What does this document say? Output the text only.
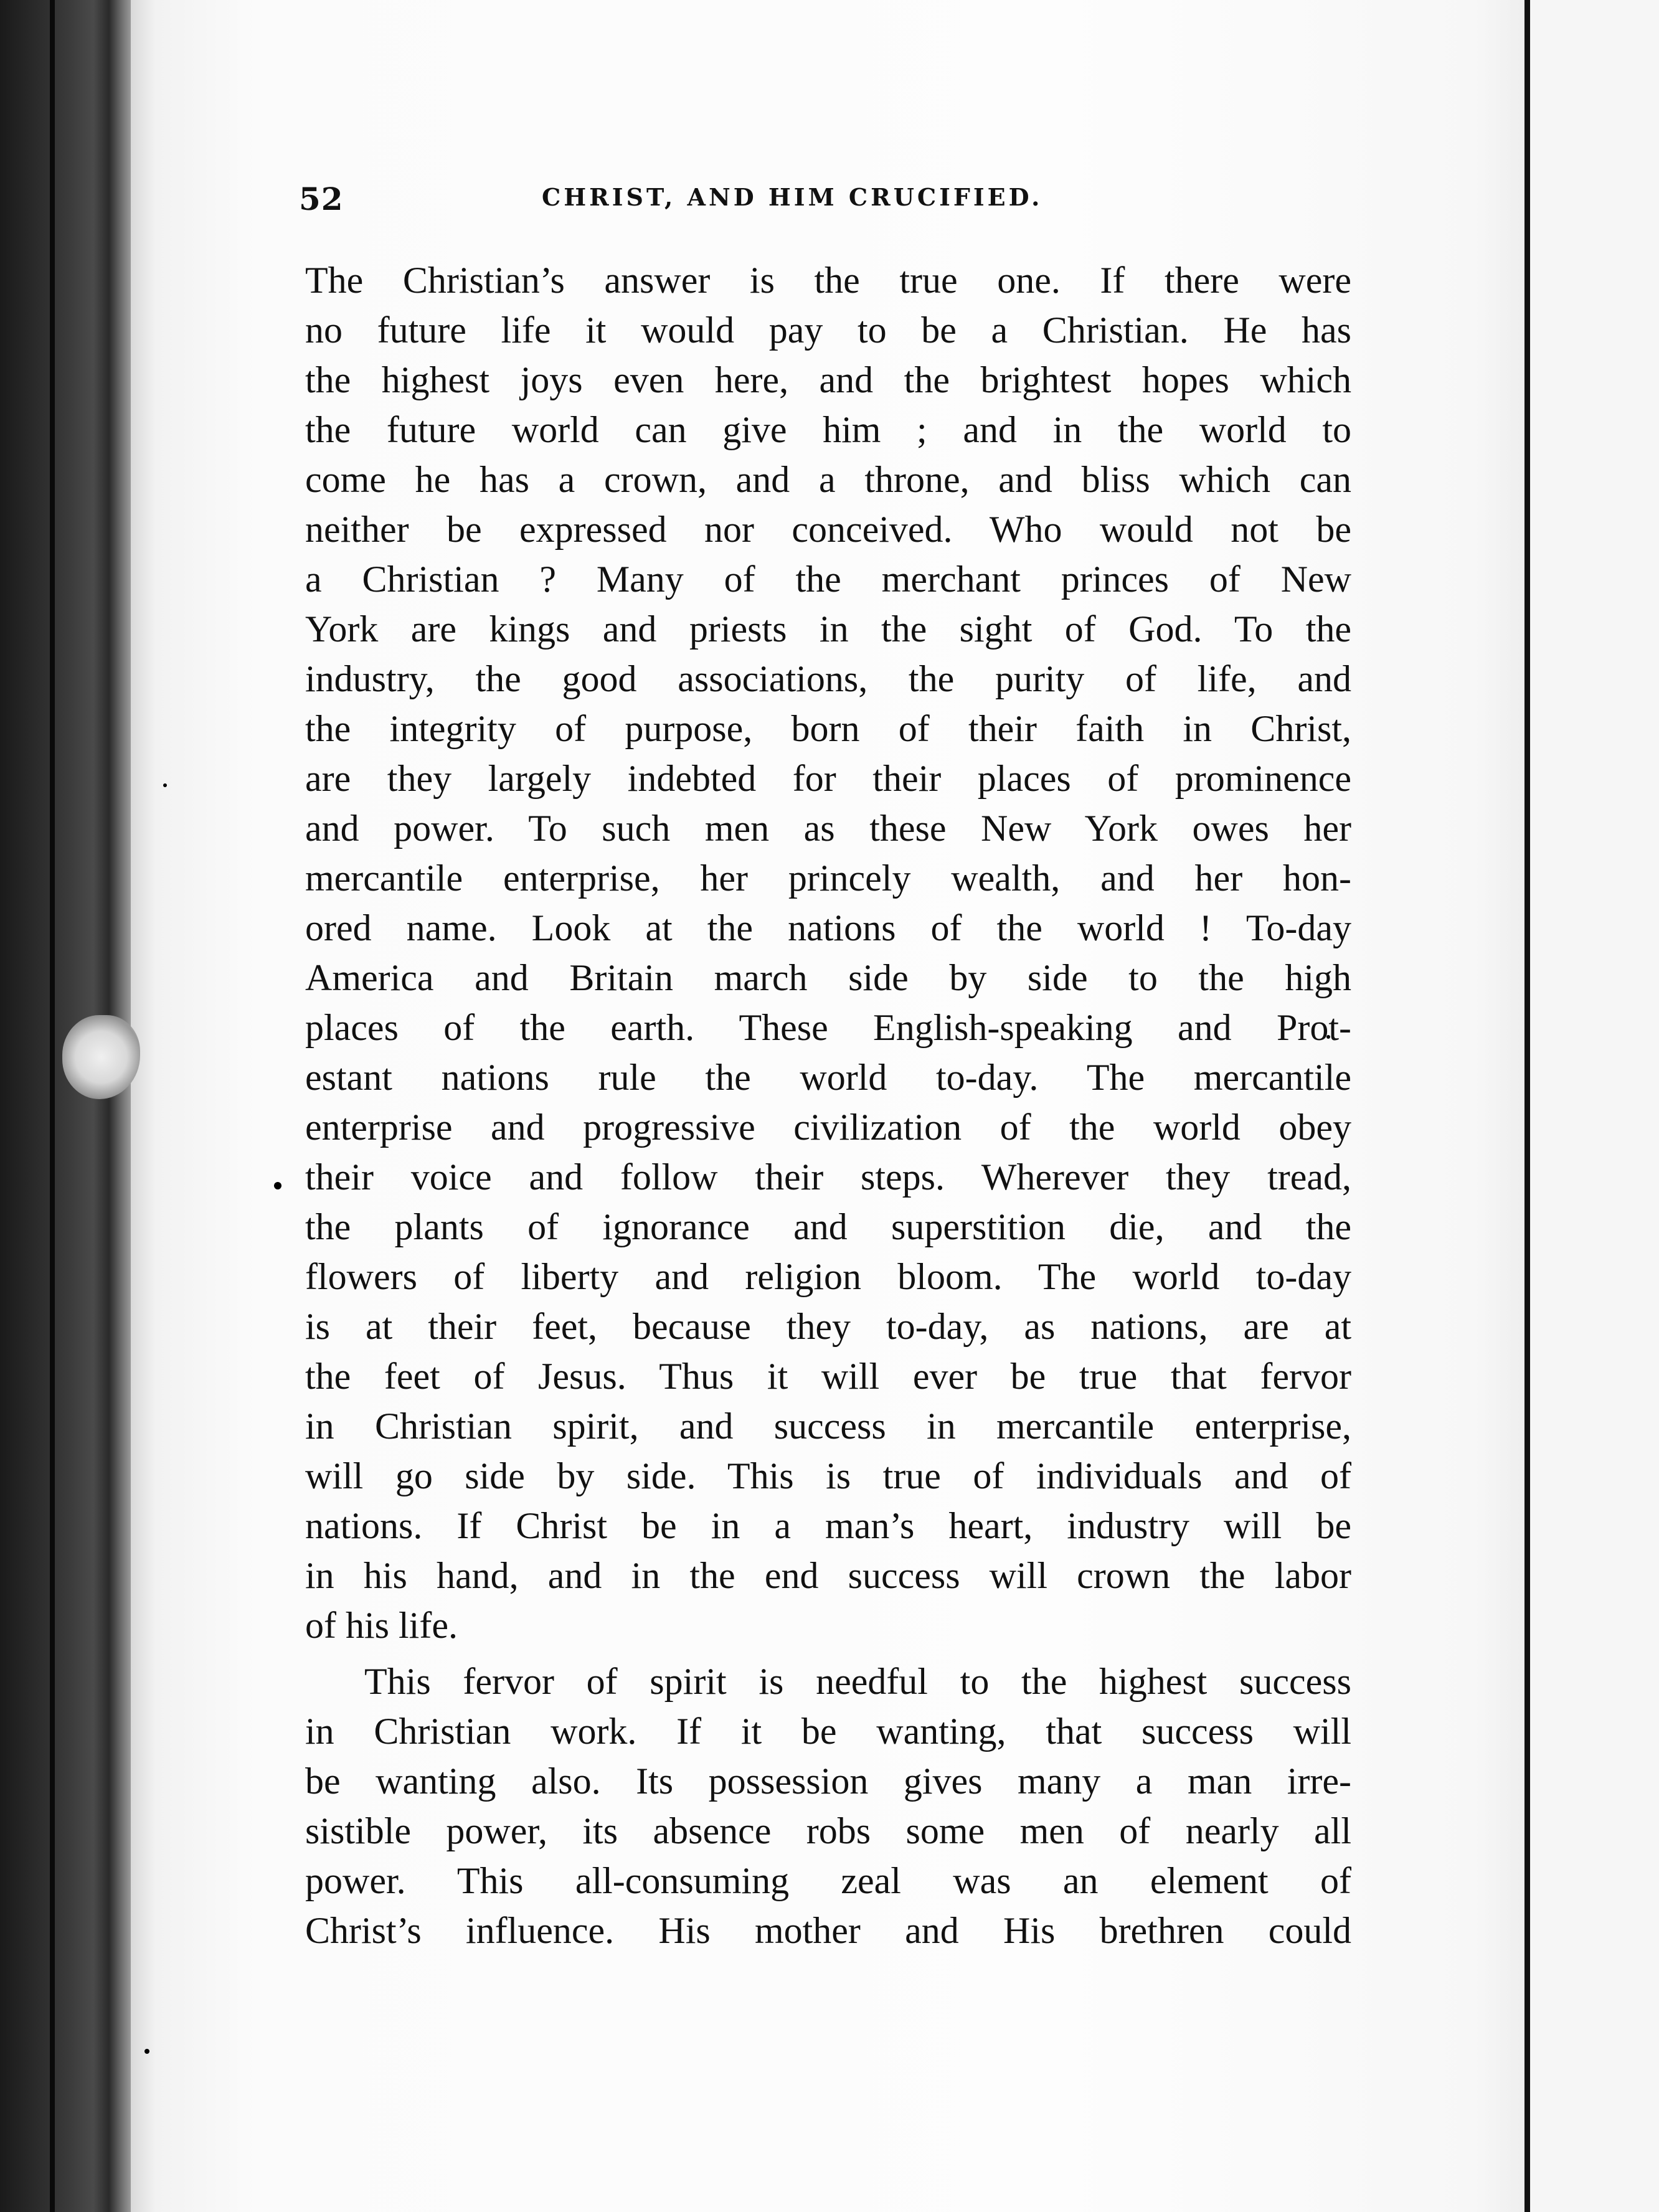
52	CHRIST, AND HIM CRUCIFIED.
The Christian’s answer is the true one. If there were
no future life it would pay to be a Christian. He has
the highest joys even here, and the brightest hopes which
the future world can give him ; and in the world to
come he has a crown, and a throne, and bliss which can
neither be expressed nor conceived. Who would not be
a Christian ? Many of the merchant princes of New
York are kings and priests in the sight of God. To the
industry, the good associations, the purity of life, and
the integrity of purpose, born of their faith in Christ,
are they largely indebted for their places of prominence
and power. To such men as these New York owes her
mercantile enterprise, her princely wealth, and her hon-
ored name. Look at the nations of the world ! To-day
America and Britain march side by side to the high
places of the earth. These English-speaking and Prot-
estant nations rule the world to-day. The mercantile
enterprise and progressive civilization of the world obey
their voice and follow their steps. Wherever they tread,
the plants of ignorance and superstition die, and the
flowers of liberty and religion bloom. The world to-day
is at their feet, because they to-day, as nations, are at
the feet of Jesus. Thus it will ever be true that fervor
in Christian spirit, and success in mercantile enterprise,
will go side by side. This is true of individuals and of
nations. If Christ be in a man’s heart, industry will be
in his hand, and in the end success will crown the labor
of his life.
This fervor of spirit is needful to the highest success
in Christian work. If it be wanting, that success will
be wanting also. Its possession gives many a man irre-
sistible power, its absence robs some men of nearly all
power. This all-consuming zeal was an element of
Christ’s influence. His mother and His brethren could
